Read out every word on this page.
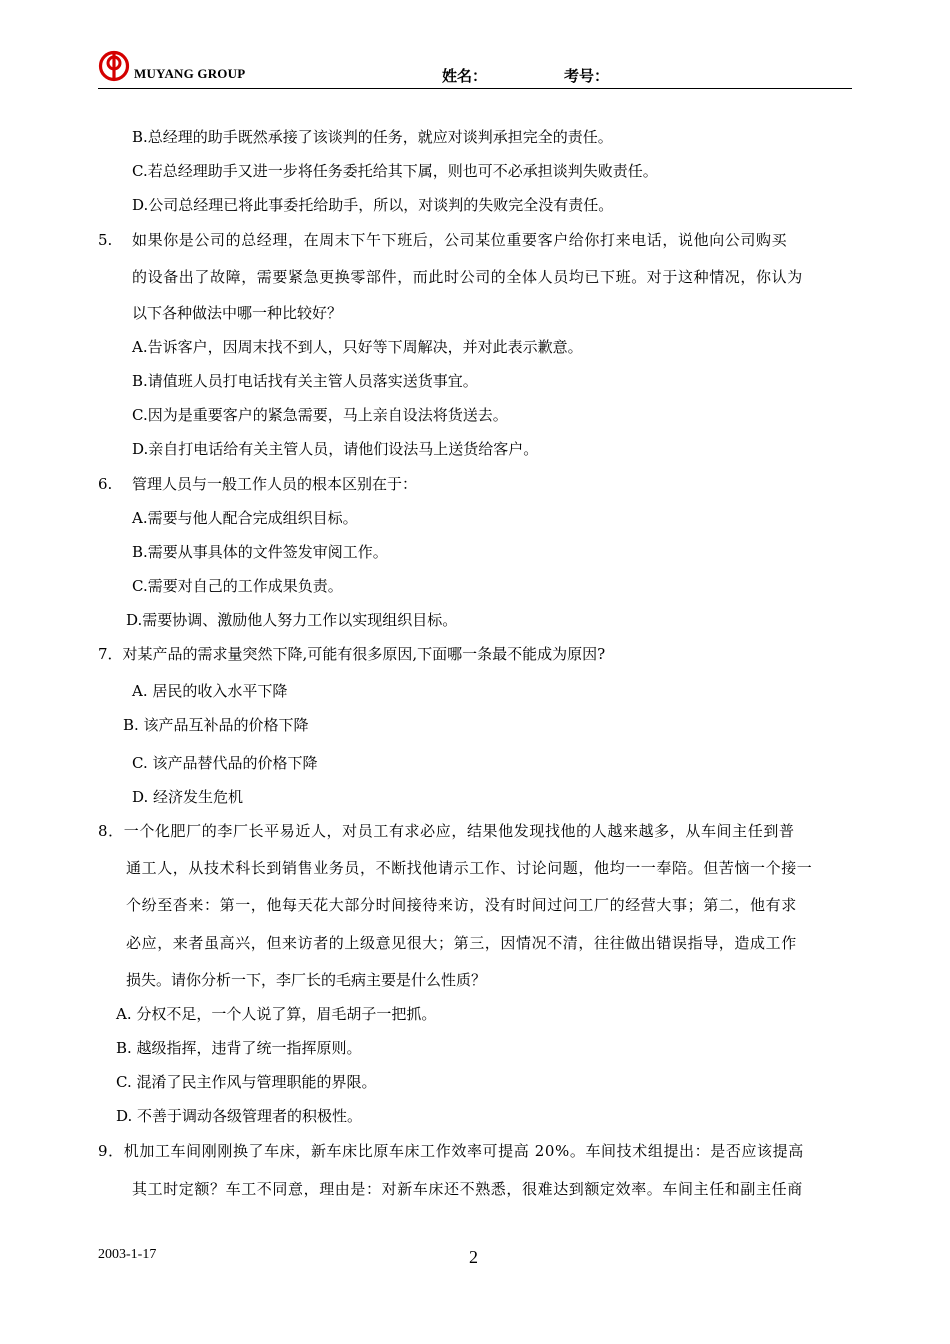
MUYANG GROUP	姓名：	考号：
B.总经理的助手既然承接了该谈判的任务，就应对谈判承担完全的责任。
C.若总经理助手又进一步将任务委托给其下属，则也可不必承担谈判失败责任。
D.公司总经理已将此事委托给助手，所以，对谈判的失败完全没有责任。
5. 如果你是公司的总经理，在周末下午下班后，公司某位重要客户给你打来电话，说他向公司购买
的设备出了故障，需要紧急更换零部件，而此时公司的全体人员均已下班。对于这种情况，你认为
以下各种做法中哪一种比较好？
A.告诉客户，因周末找不到人，只好等下周解决，并对此表示歉意。
B.请值班人员打电话找有关主管人员落实送货事宜。
C.因为是重要客户的紧急需要，马上亲自设法将货送去。
D.亲自打电话给有关主管人员，请他们设法马上送货给客户。
6. 管理人员与一般工作人员的根本区别在于：
A.需要与他人配合完成组织目标。
B.需要从事具体的文件签发审阅工作。
C.需要对自己的工作成果负责。
D.需要协调、激励他人努力工作以实现组织目标。
7．对某产品的需求量突然下降,可能有很多原因,下面哪一条最不能成为原因?
A. 居民的收入水平下降
B. 该产品互补品的价格下降
C. 该产品替代品的价格下降
D. 经济发生危机
8．一个化肥厂的李厂长平易近人，对员工有求必应，结果他发现找他的人越来越多，从车间主任到普
通工人，从技术科长到销售业务员，不断找他请示工作、讨论问题，他均一一奉陪。但苦恼一个接一
个纷至沓来：第一，他每天花大部分时间接待来访，没有时间过问工厂的经营大事；第二，他有求
必应，来者虽高兴，但来访者的上级意见很大；第三，因情况不清，往往做出错误指导，造成工作
损失。请你分析一下，李厂长的毛病主要是什么性质？
A. 分权不足，一个人说了算，眉毛胡子一把抓。
B. 越级指挥，违背了统一指挥原则。
C. 混淆了民主作风与管理职能的界限。
D. 不善于调动各级管理者的积极性。
9．机加工车间刚刚换了车床，新车床比原车床工作效率可提高 20%。车间技术组提出：是否应该提高
其工时定额？车工不同意，理由是：对新车床还不熟悉，很难达到额定效率。车间主任和副主任商
2003-1-17	2
